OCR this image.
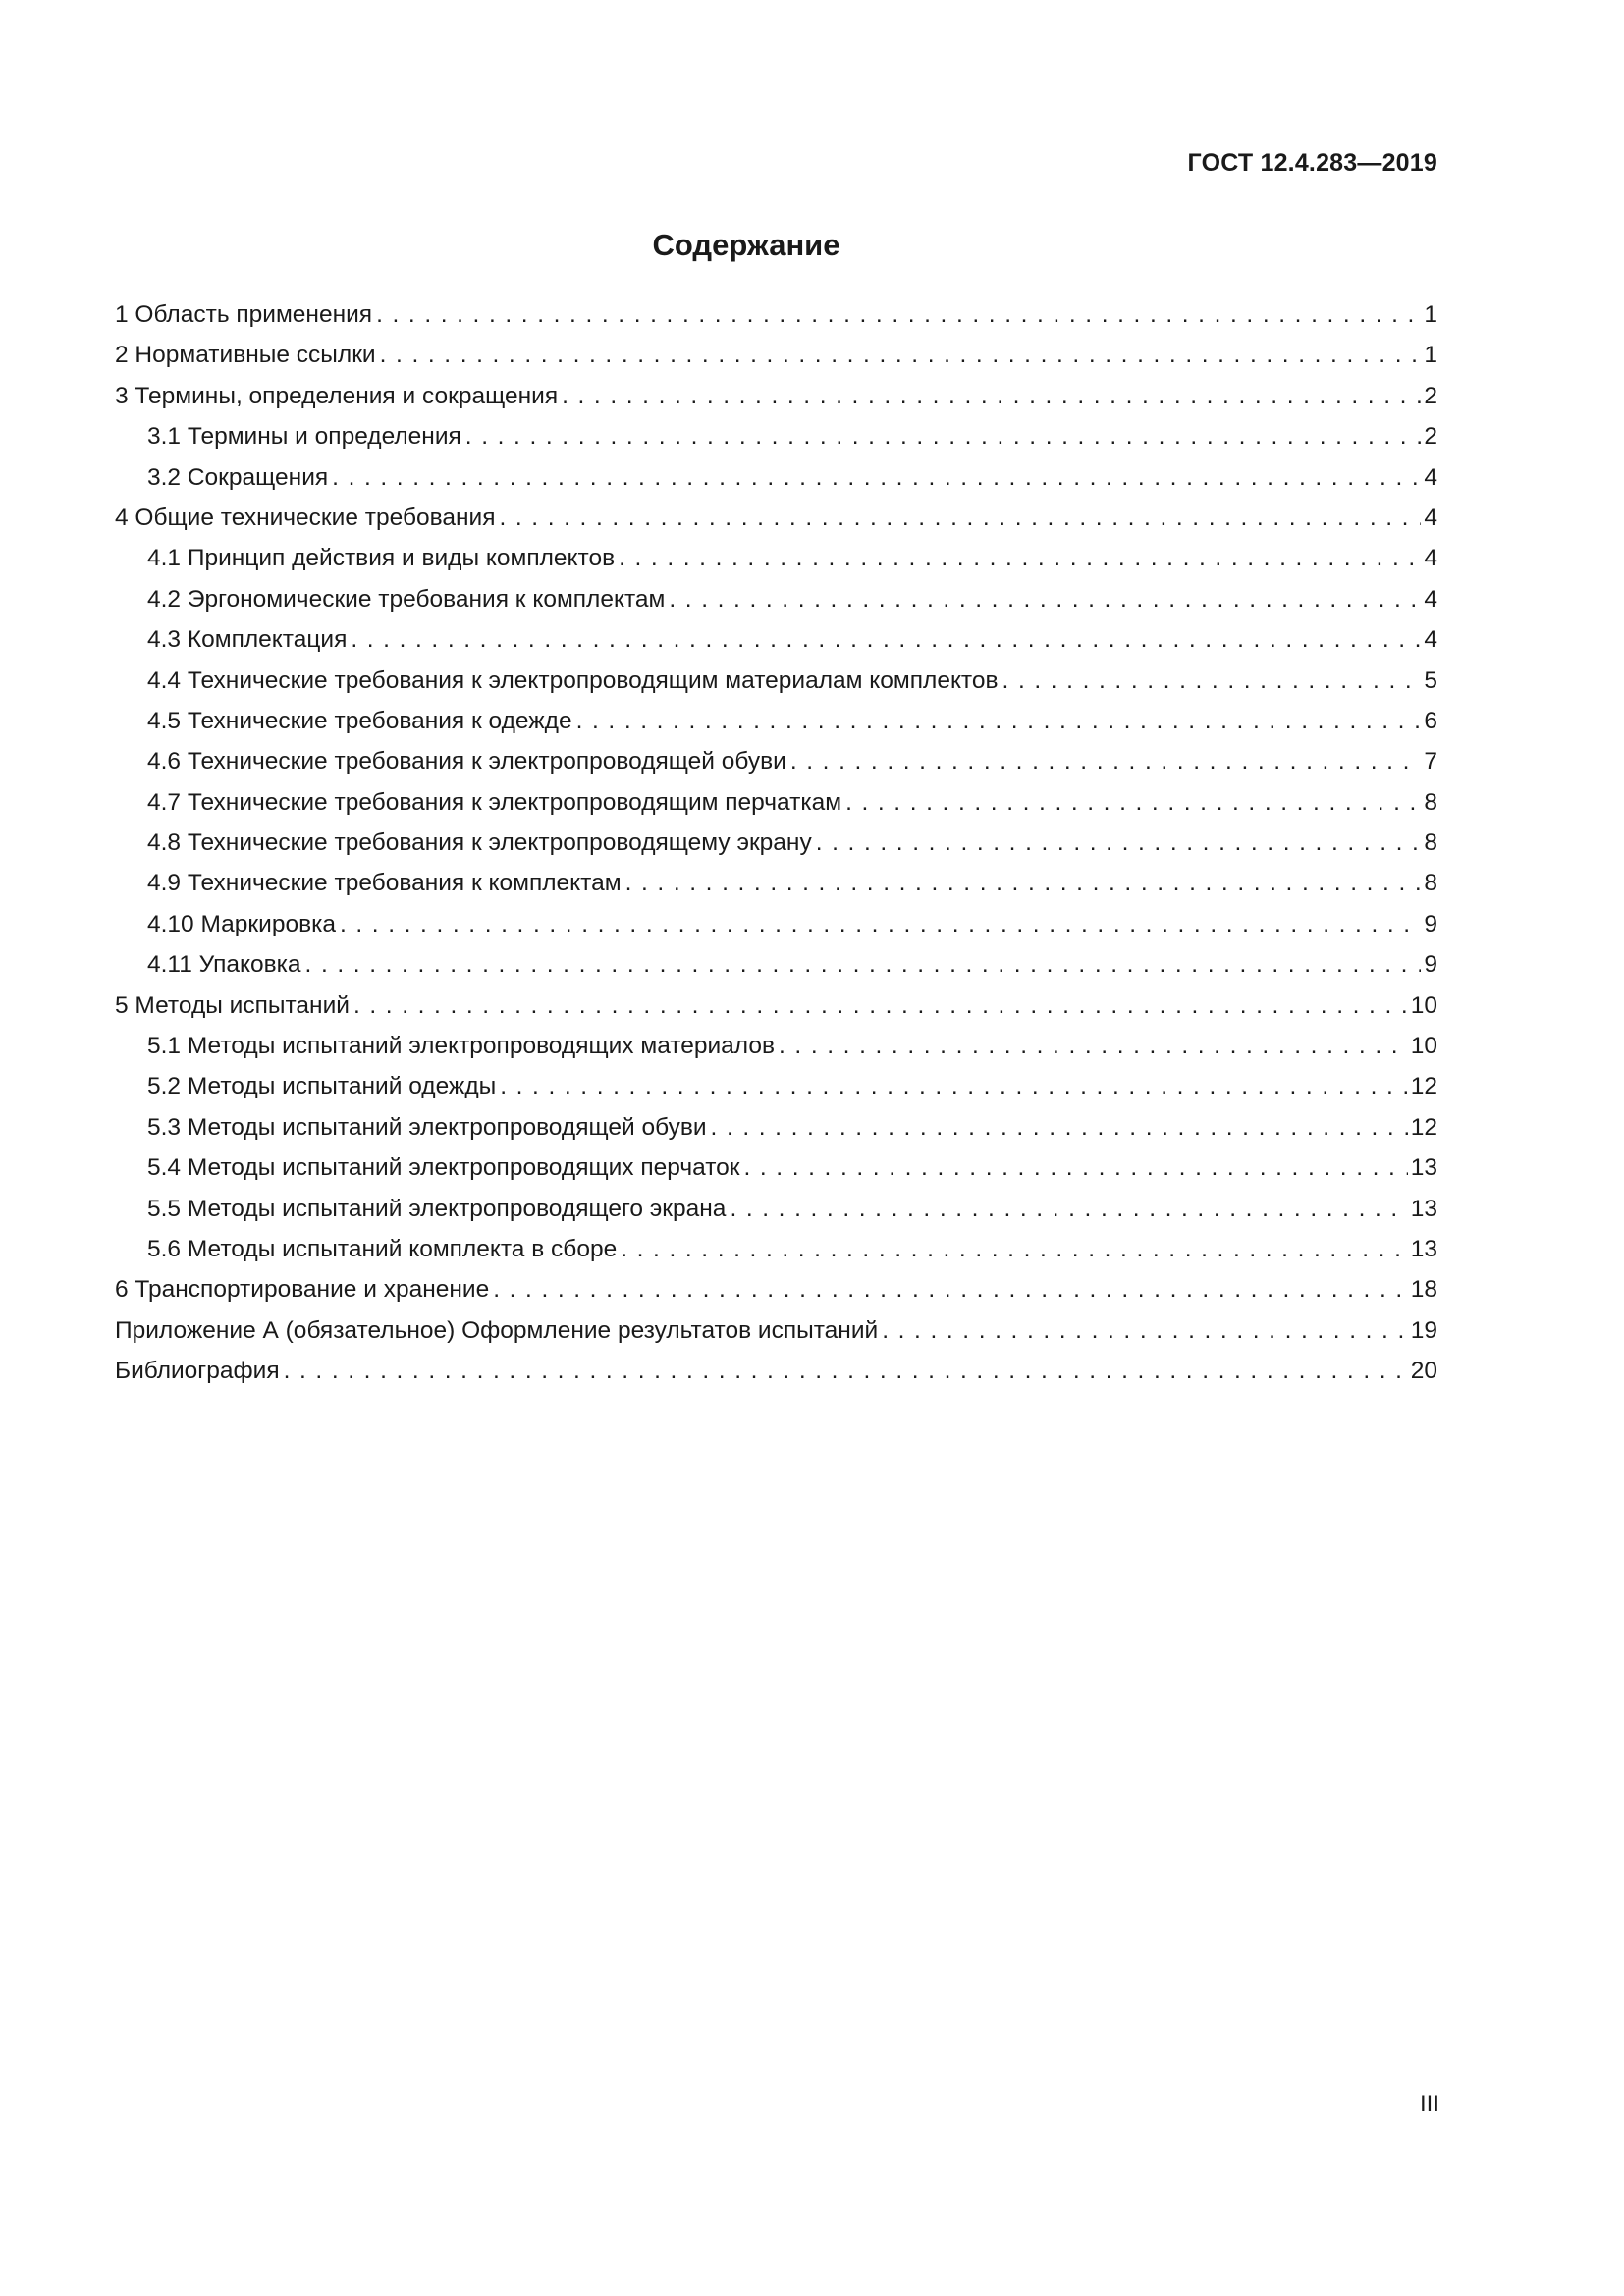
ГОСТ 12.4.283—2019
Содержание
1 Область применения . . .	1
2 Нормативные ссылки . . .	1
3 Термины, определения и сокращения . . .	2
3.1 Термины и определения . . .	2
3.2 Сокращения . . .	4
4 Общие технические требования . . .	4
4.1 Принцип действия и виды комплектов . . .	4
4.2 Эргономические требования к комплектам . . .	4
4.3 Комплектация . . .	4
4.4 Технические требования к электропроводящим материалам комплектов . . .	5
4.5 Технические требования к одежде . . .	6
4.6 Технические требования к электропроводящей обуви . . .	7
4.7 Технические требования к электропроводящим перчаткам . . .	8
4.8 Технические требования к электропроводящему экрану . . .	8
4.9 Технические требования к комплектам . . .	8
4.10 Маркировка . . .	9
4.11 Упаковка . . .	9
5 Методы испытаний . . .	10
5.1 Методы испытаний электропроводящих материалов . . .	10
5.2 Методы испытаний одежды . . .	12
5.3 Методы испытаний электропроводящей обуви . . .	12
5.4 Методы испытаний электропроводящих перчаток . . .	13
5.5 Методы испытаний электропроводящего экрана . . .	13
5.6 Методы испытаний комплекта в сборе . . .	13
6 Транспортирование и хранение . . .	18
Приложение А (обязательное) Оформление результатов испытаний . . .	19
Библиография . . .	20
III
